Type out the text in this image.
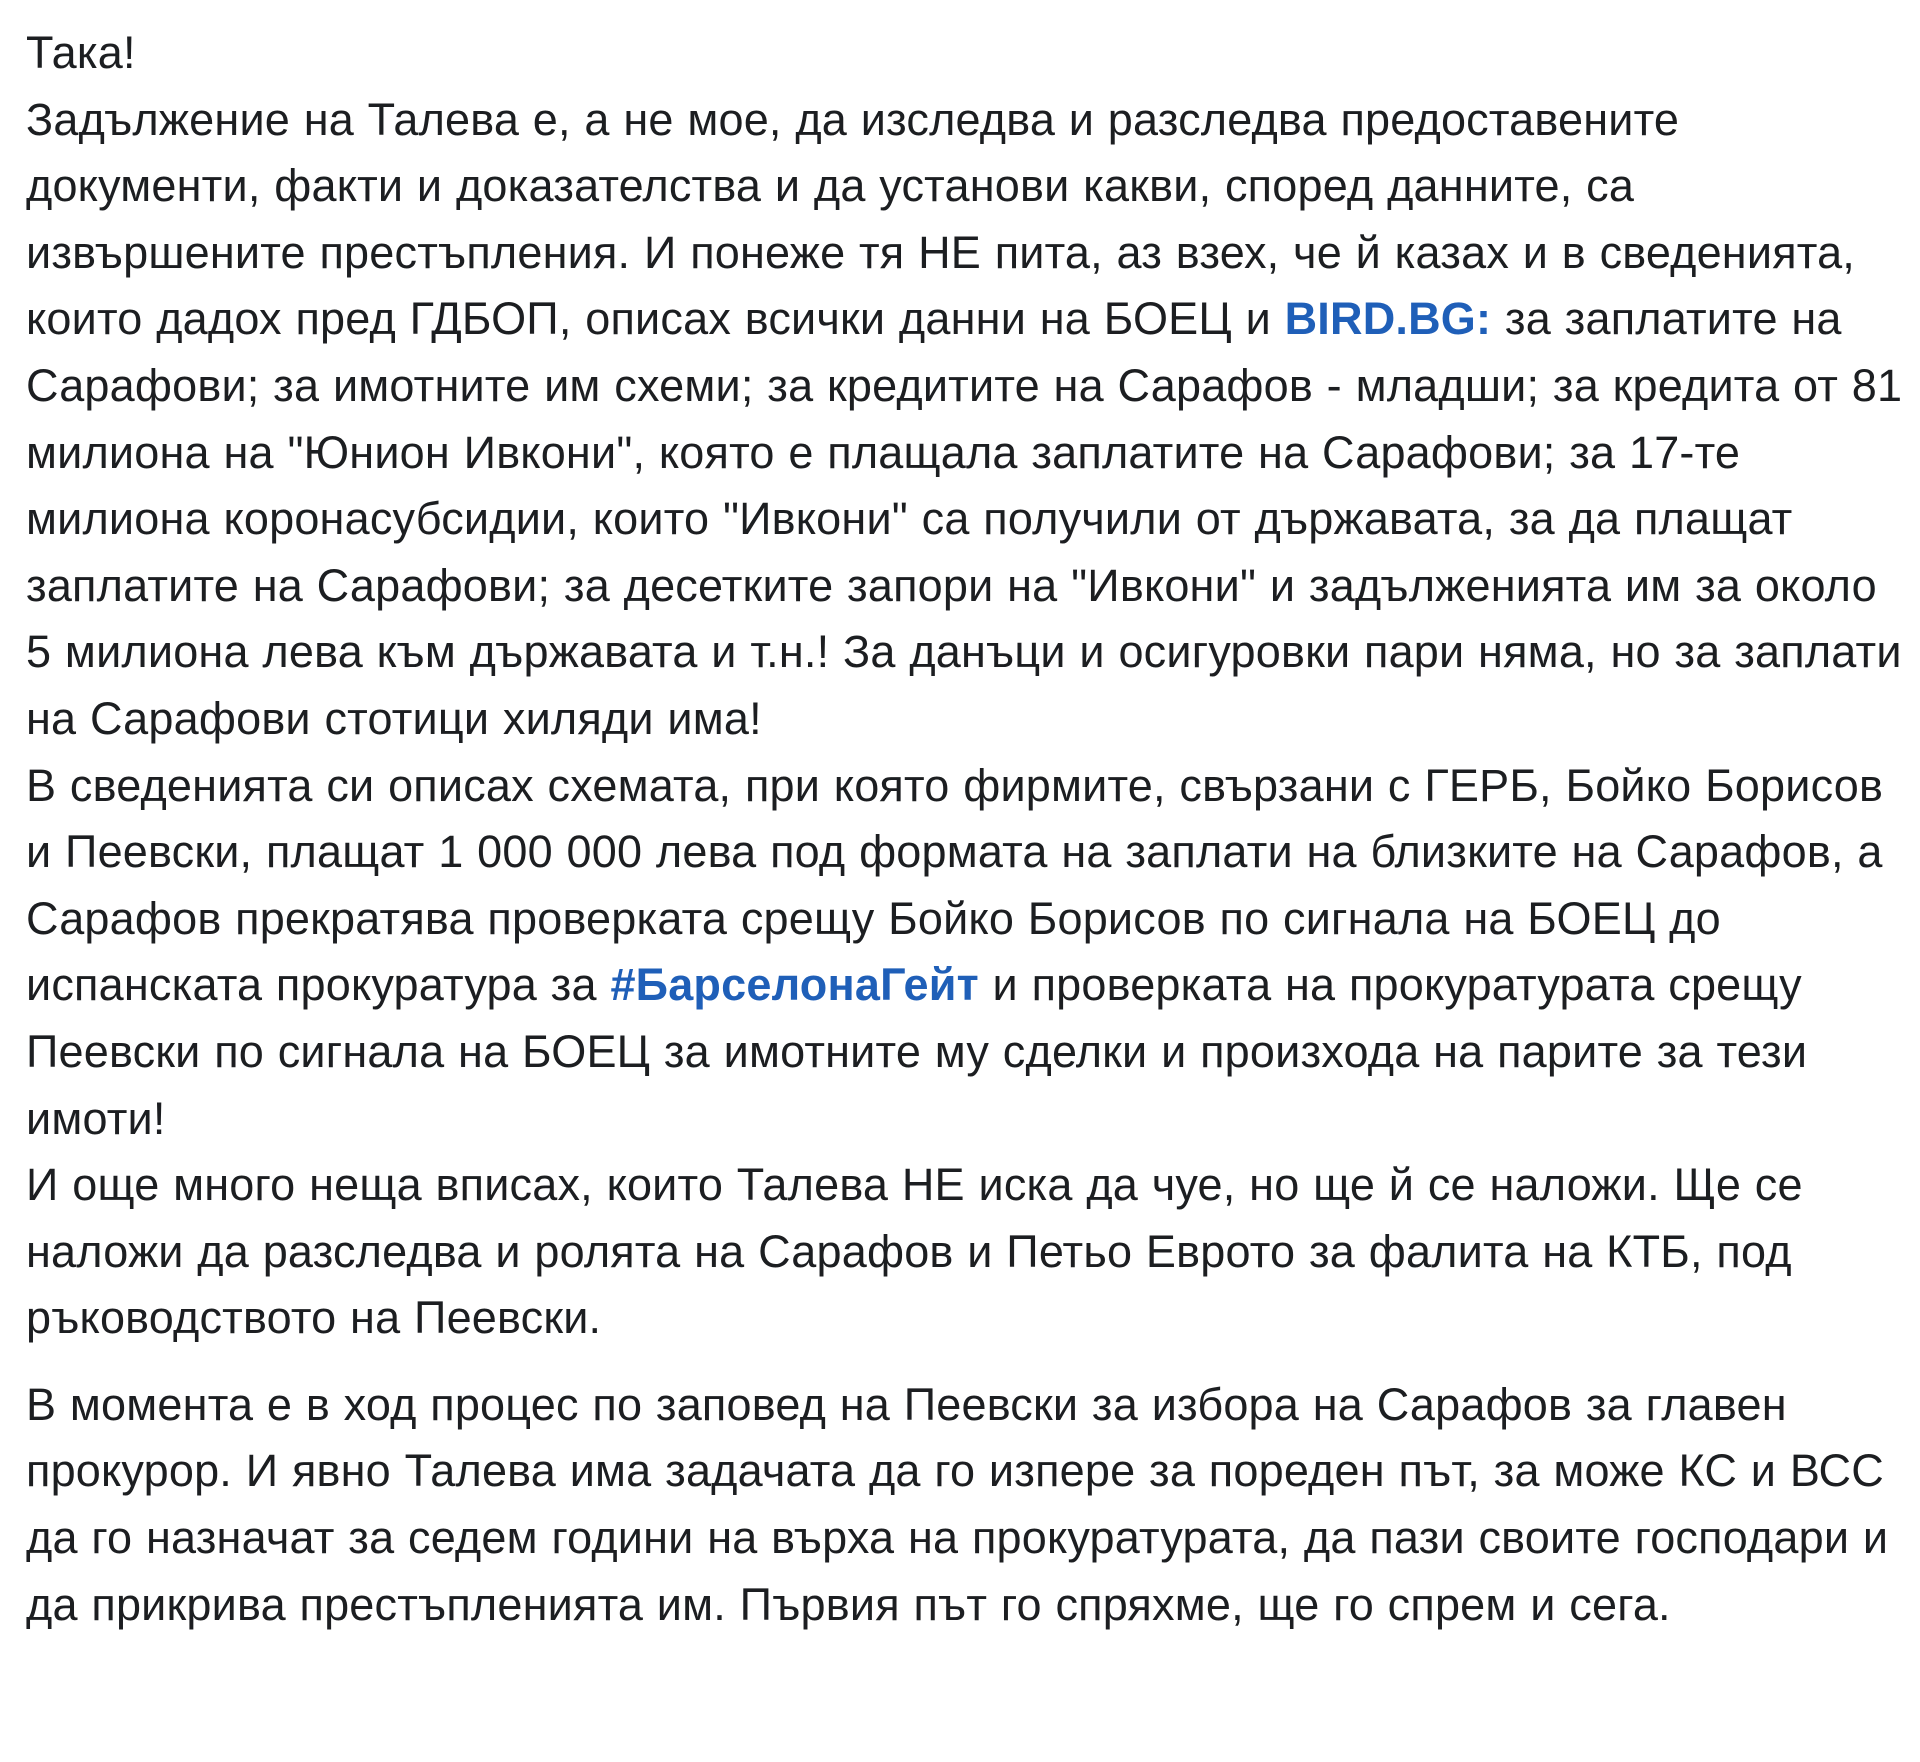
Така!
Задължение на Талева е, а не мое, да изследва и разследва предоставените документи, факти и доказателства и да установи какви, според данните, са извършените престъпления. И понеже тя НЕ пита, аз взех, че й казах и в сведенията, които дадох пред ГДБОП, описах всички данни на БОЕЦ и BIRD.BG: за заплатите на Сарафови; за имотните им схеми; за кредитите на Сарафов - младши; за кредита от 81 милиона на "Юнион Ивкони", която е плащала заплатите на Сарафови; за 17-те милиона коронасубсидии, които "Ивкони" са получили от държавата, за да плащат заплатите на Сарафови; за десетките запори на "Ивкони" и задълженията им за около 5 милиона лева към държавата и т.н.! За данъци и осигуровки пари няма, но за заплати на Сарафови стотици хиляди има!

В сведенията си описах схемата, при която фирмите, свързани с ГЕРБ, Бойко Борисов и Пеевски, плащат 1 000 000 лева под формата на заплати на близките на Сарафов, а Сарафов прекратява проверката срещу Бойко Борисов по сигнала на БОЕЦ до испанската прокуратура за #БарселонаГейт и проверката на прокуратурата срещу Пеевски по сигнала на БОЕЦ за имотните му сделки и произхода на парите за тези имоти!

И още много неща вписах, които Талева НЕ иска да чуе, но ще й се наложи. Ще се наложи да разследва и ролята на Сарафов и Петьо Еврото за фалита на КТБ, под ръководството на Пеевски.

В момента е в ход процес по заповед на Пеевски за избора на Сарафов за главен прокурор. И явно Талева има задачата да го изпере за пореден път, за може КС и ВСС да го назначат за седем години на върха на прокуратурата, да пази своите господари и да прикрива престъпленията им. Първия път го спряхме, ще го спрем и сега.
